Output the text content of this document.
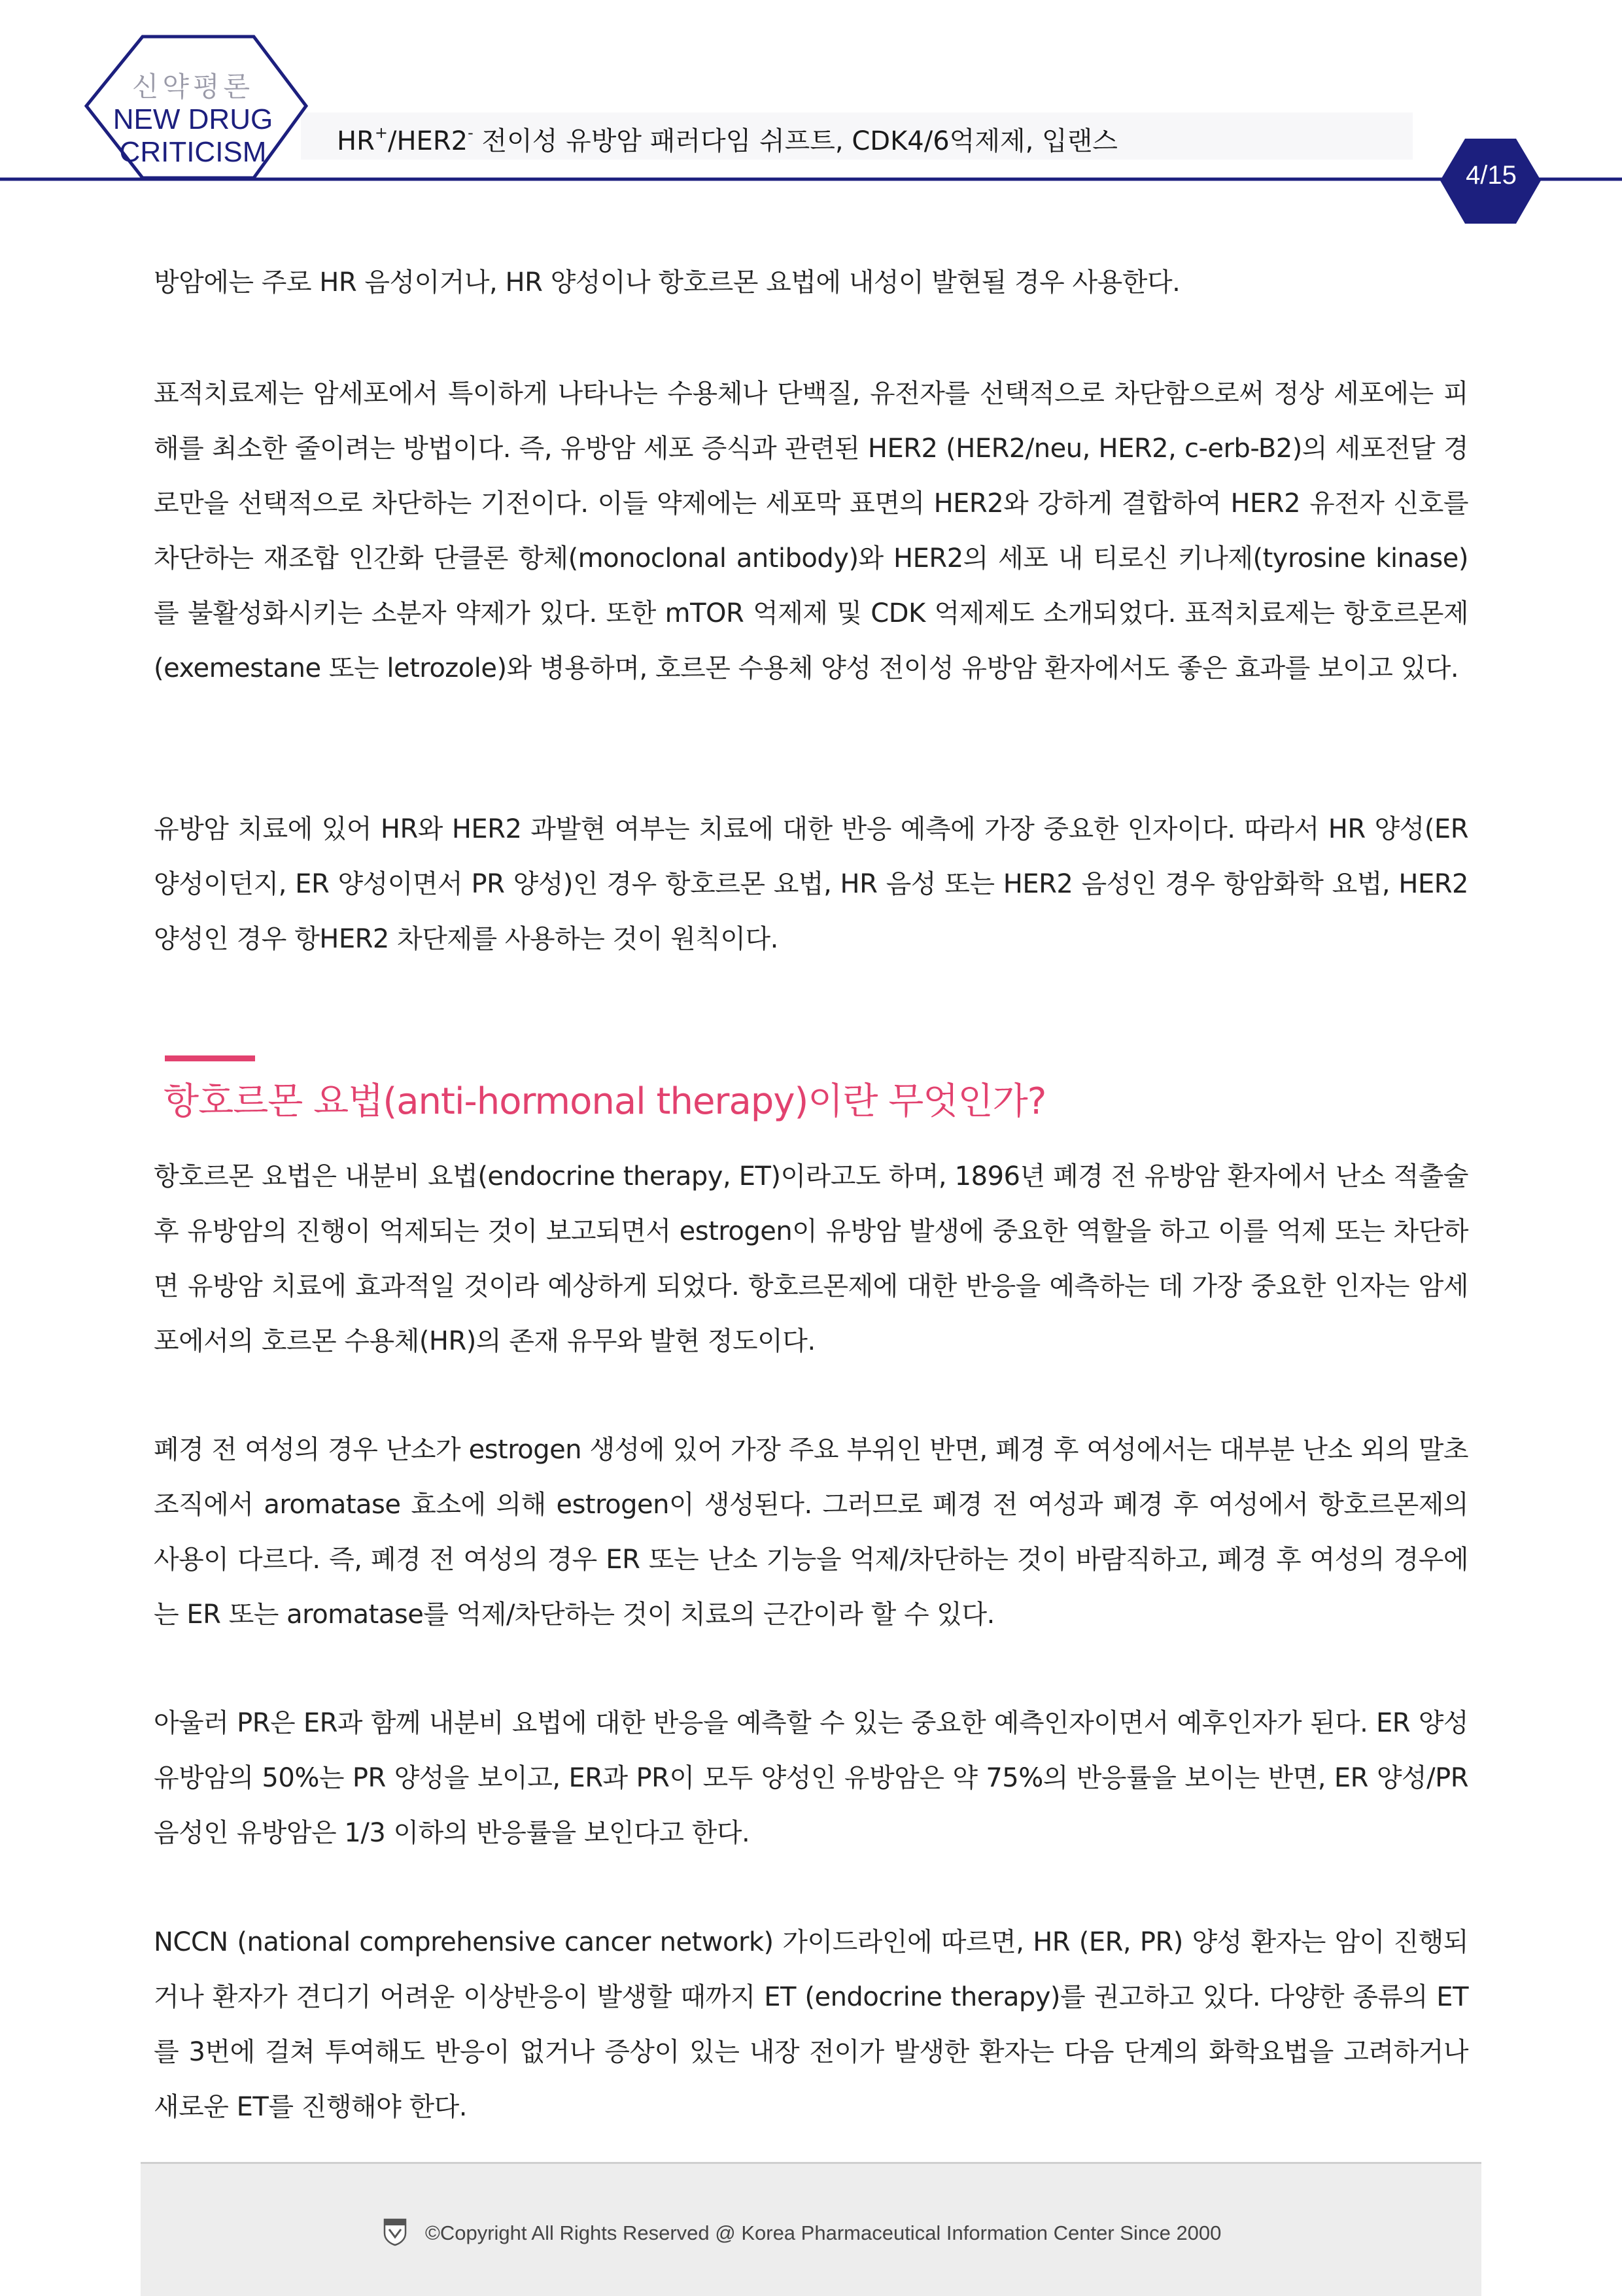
신약평론
NEW DRUG
CRITICISM	HR+/HER2- 전이성 유방암 패러다임 쉬프트, CDK4/6억제제, 입랜스
4/15

방암에는 주로 HR 음성이거나, HR 양성이나 항호르몬 요법에 내성이 발현될 경우 사용한다.

표적치료제는 암세포에서 특이하게 나타나는 수용체나 단백질, 유전자를 선택적으로 차단함으로써 정상 세포에는 피해를 최소한 줄이려는 방법이다. 즉, 유방암 세포 증식과 관련된 HER2 (HER2/neu, HER2, c-erb-B2)의 세포전달 경로만을 선택적으로 차단하는 기전이다. 이들 약제에는 세포막 표면의 HER2와 강하게 결합하여 HER2 유전자 신호를 차단하는 재조합 인간화 단클론 항체(monoclonal antibody)와 HER2의 세포 내 티로신 키나제(tyrosine kinase)를 불활성화시키는 소분자 약제가 있다. 또한 mTOR 억제제 및 CDK 억제제도 소개되었다. 표적치료제는 항호르몬제(exemestane 또는 letrozole)와 병용하며, 호르몬 수용체 양성 전이성 유방암 환자에서도 좋은 효과를 보이고 있다.

유방암 치료에 있어 HR와 HER2 과발현 여부는 치료에 대한 반응 예측에 가장 중요한 인자이다. 따라서 HR 양성(ER 양성이던지, ER 양성이면서 PR 양성)인 경우 항호르몬 요법, HR 음성 또는 HER2 음성인 경우 항암화학 요법, HER2 양성인 경우 항HER2 차단제를 사용하는 것이 원칙이다.

항호르몬 요법(anti-hormonal therapy)이란 무엇인가?

항호르몬 요법은 내분비 요법(endocrine therapy, ET)이라고도 하며, 1896년 폐경 전 유방암 환자에서 난소 적출술 후 유방암의 진행이 억제되는 것이 보고되면서 estrogen이 유방암 발생에 중요한 역할을 하고 이를 억제 또는 차단하면 유방암 치료에 효과적일 것이라 예상하게 되었다. 항호르몬제에 대한 반응을 예측하는 데 가장 중요한 인자는 암세포에서의 호르몬 수용체(HR)의 존재 유무와 발현 정도이다.

폐경 전 여성의 경우 난소가 estrogen 생성에 있어 가장 주요 부위인 반면, 폐경 후 여성에서는 대부분 난소 외의 말초조직에서 aromatase 효소에 의해 estrogen이 생성된다. 그러므로 폐경 전 여성과 폐경 후 여성에서 항호르몬제의 사용이 다르다. 즉, 폐경 전 여성의 경우 ER 또는 난소 기능을 억제/차단하는 것이 바람직하고, 폐경 후 여성의 경우에는 ER 또는 aromatase를 억제/차단하는 것이 치료의 근간이라 할 수 있다.

아울러 PR은 ER과 함께 내분비 요법에 대한 반응을 예측할 수 있는 중요한 예측인자이면서 예후인자가 된다. ER 양성 유방암의 50%는 PR 양성을 보이고, ER과 PR이 모두 양성인 유방암은 약 75%의 반응률을 보이는 반면, ER 양성/PR 음성인 유방암은 1/3 이하의 반응률을 보인다고 한다.

NCCN (national comprehensive cancer network) 가이드라인에 따르면, HR (ER, PR) 양성 환자는 암이 진행되거나 환자가 견디기 어려운 이상반응이 발생할 때까지 ET (endocrine therapy)를 권고하고 있다. 다양한 종류의 ET를 3번에 걸쳐 투여해도 반응이 없거나 증상이 있는 내장 전이가 발생한 환자는 다음 단계의 화학요법을 고려하거나 새로운 ET를 진행해야 한다.

©Copyright All Rights Reserved @ Korea Pharmaceutical Information Center Since 2000
